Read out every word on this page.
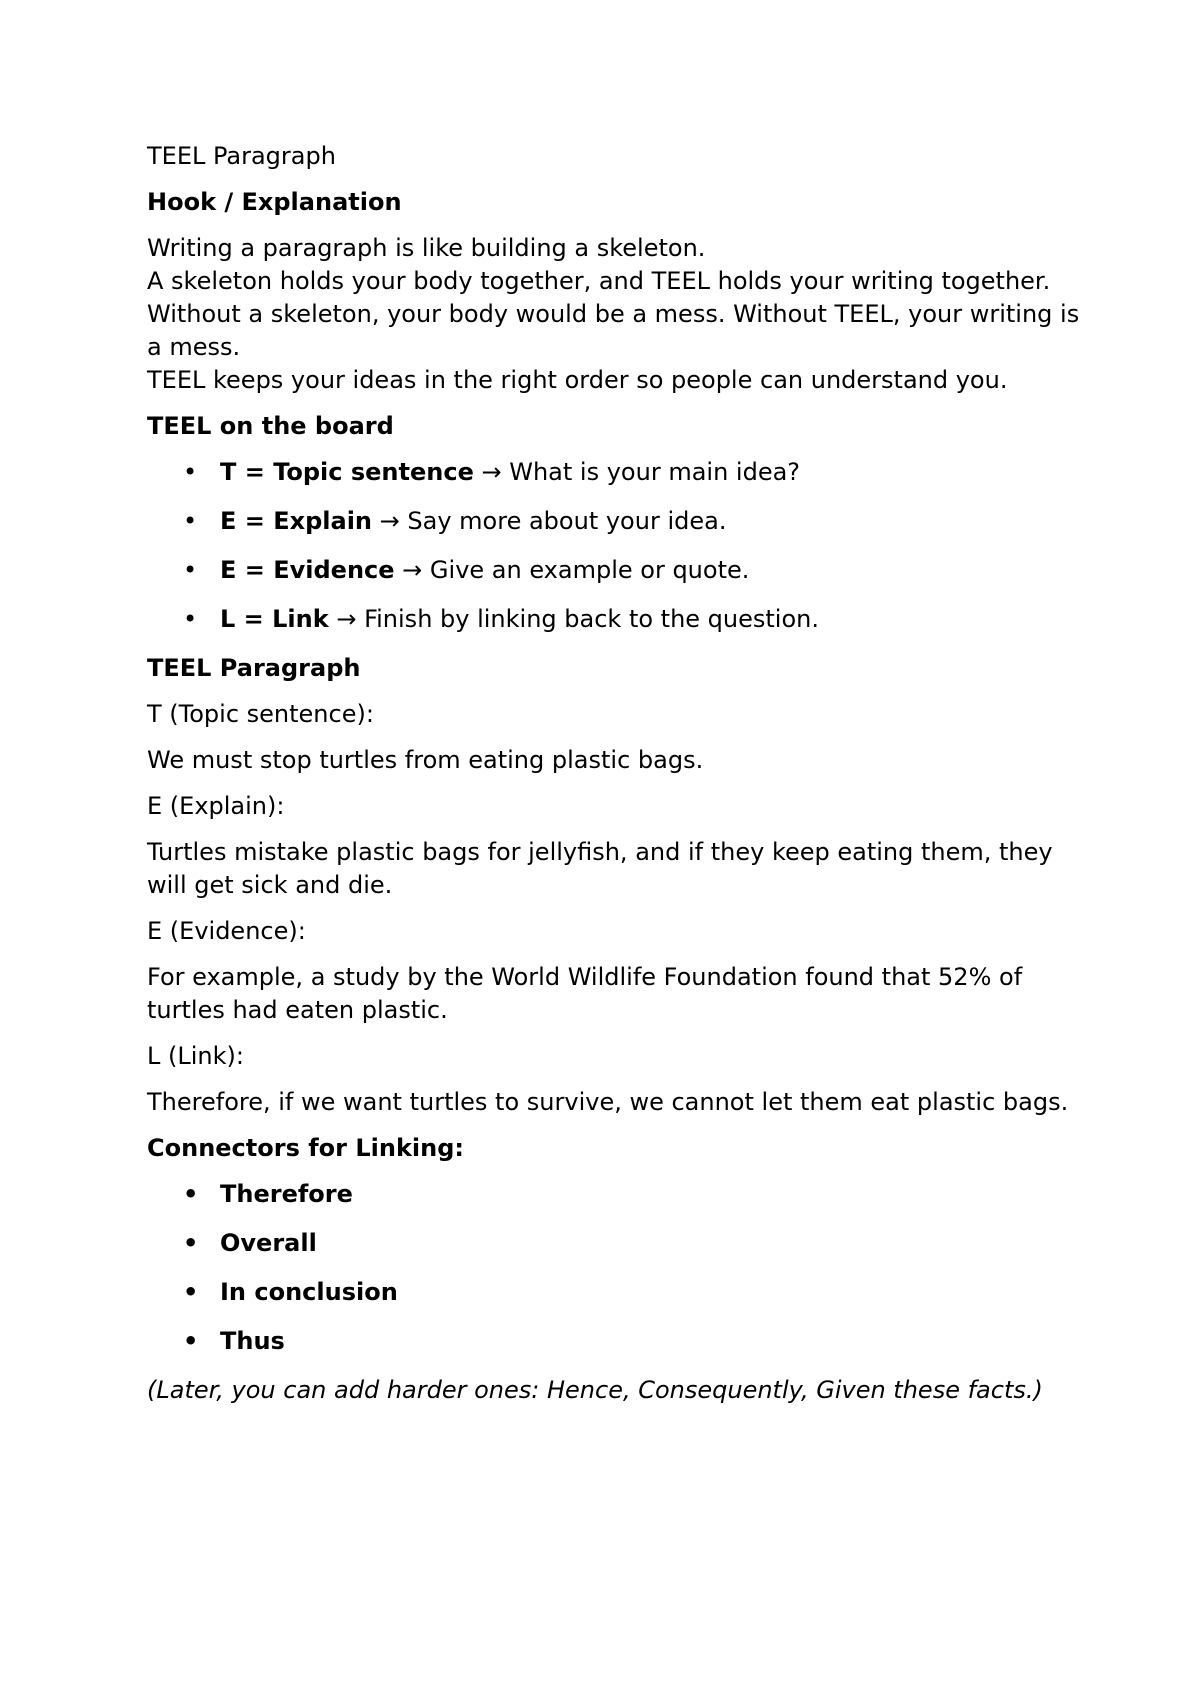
TEEL Paragraph

Hook / Explanation

Writing a paragraph is like building a skeleton.
A skeleton holds your body together, and TEEL holds your writing together.
Without a skeleton, your body would be a mess. Without TEEL, your writing is a mess.
TEEL keeps your ideas in the right order so people can understand you.

TEEL on the board

• T = Topic sentence → What is your main idea?
• E = Explain → Say more about your idea.
• E = Evidence → Give an example or quote.
• L = Link → Finish by linking back to the question.

TEEL Paragraph

T (Topic sentence):

We must stop turtles from eating plastic bags.

E (Explain):

Turtles mistake plastic bags for jellyfish, and if they keep eating them, they will get sick and die.

E (Evidence):

For example, a study by the World Wildlife Foundation found that 52% of turtles had eaten plastic.

L (Link):

Therefore, if we want turtles to survive, we cannot let them eat plastic bags.

Connectors for Linking:

• Therefore
• Overall
• In conclusion
• Thus

(Later, you can add harder ones: Hence, Consequently, Given these facts.)
